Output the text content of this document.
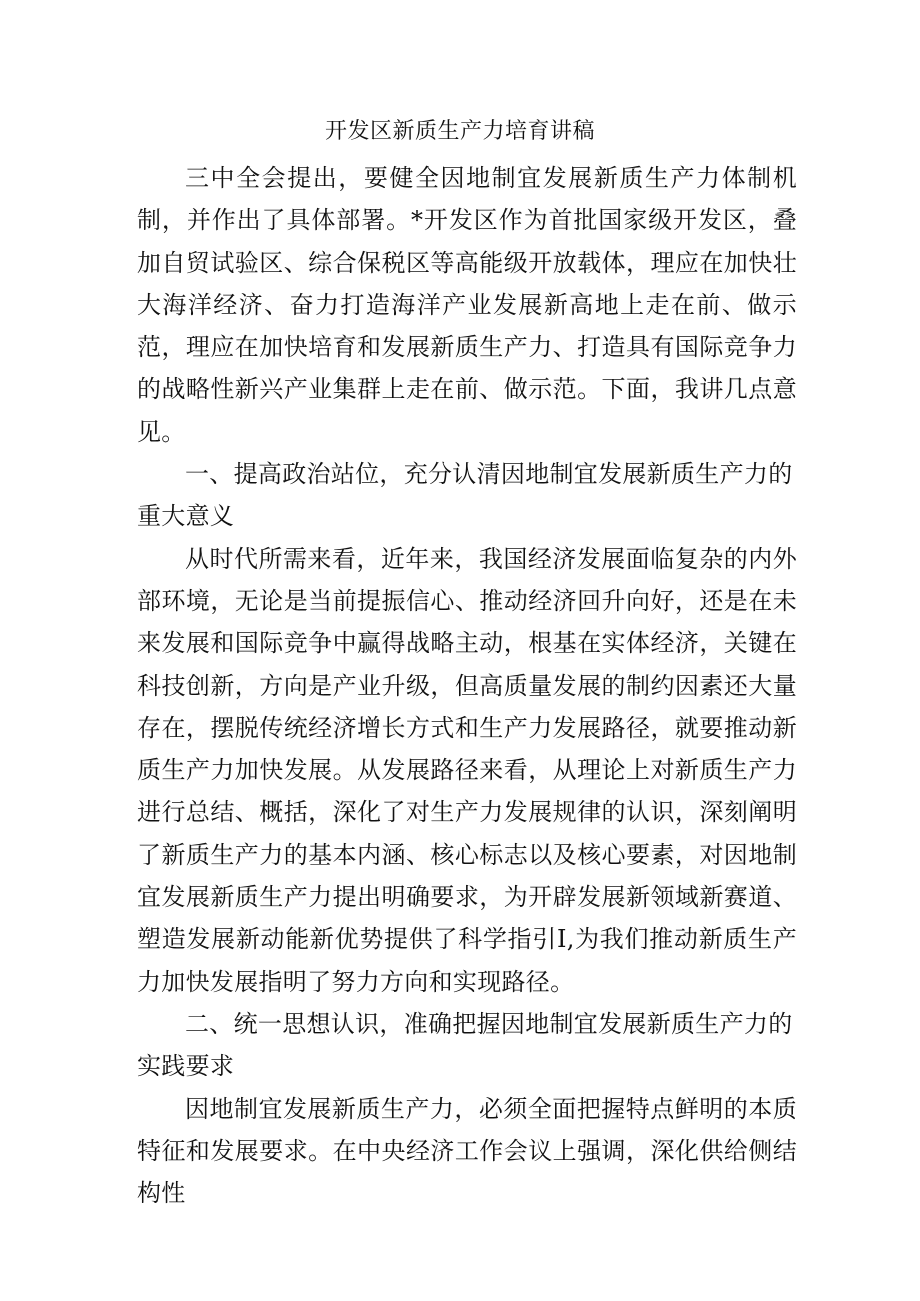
开发区新质生产力培育讲稿

三中全会提出，要健全因地制宜发展新质生产力体制机制，并作出了具体部署。*开发区作为首批国家级开发区，叠加自贸试验区、综合保税区等高能级开放载体，理应在加快壮大海洋经济、奋力打造海洋产业发展新高地上走在前、做示范，理应在加快培育和发展新质生产力、打造具有国际竞争力的战略性新兴产业集群上走在前、做示范。下面，我讲几点意见。

一、提高政治站位，充分认清因地制宜发展新质生产力的重大意义

从时代所需来看，近年来，我国经济发展面临复杂的内外部环境，无论是当前提振信心、推动经济回升向好，还是在未来发展和国际竞争中赢得战略主动，根基在实体经济，关键在科技创新，方向是产业升级，但高质量发展的制约因素还大量存在，摆脱传统经济增长方式和生产力发展路径，就要推动新质生产力加快发展。从发展路径来看，从理论上对新质生产力进行总结、概括，深化了对生产力发展规律的认识，深刻阐明了新质生产力的基本内涵、核心标志以及核心要素，对因地制宜发展新质生产力提出明确要求，为开辟发展新领域新赛道、塑造发展新动能新优势提供了科学指引I,为我们推动新质生产力加快发展指明了努力方向和实现路径。

二、统一思想认识，准确把握因地制宜发展新质生产力的实践要求

因地制宜发展新质生产力，必须全面把握特点鲜明的本质特征和发展要求。在中央经济工作会议上强调，深化供给侧结构性
